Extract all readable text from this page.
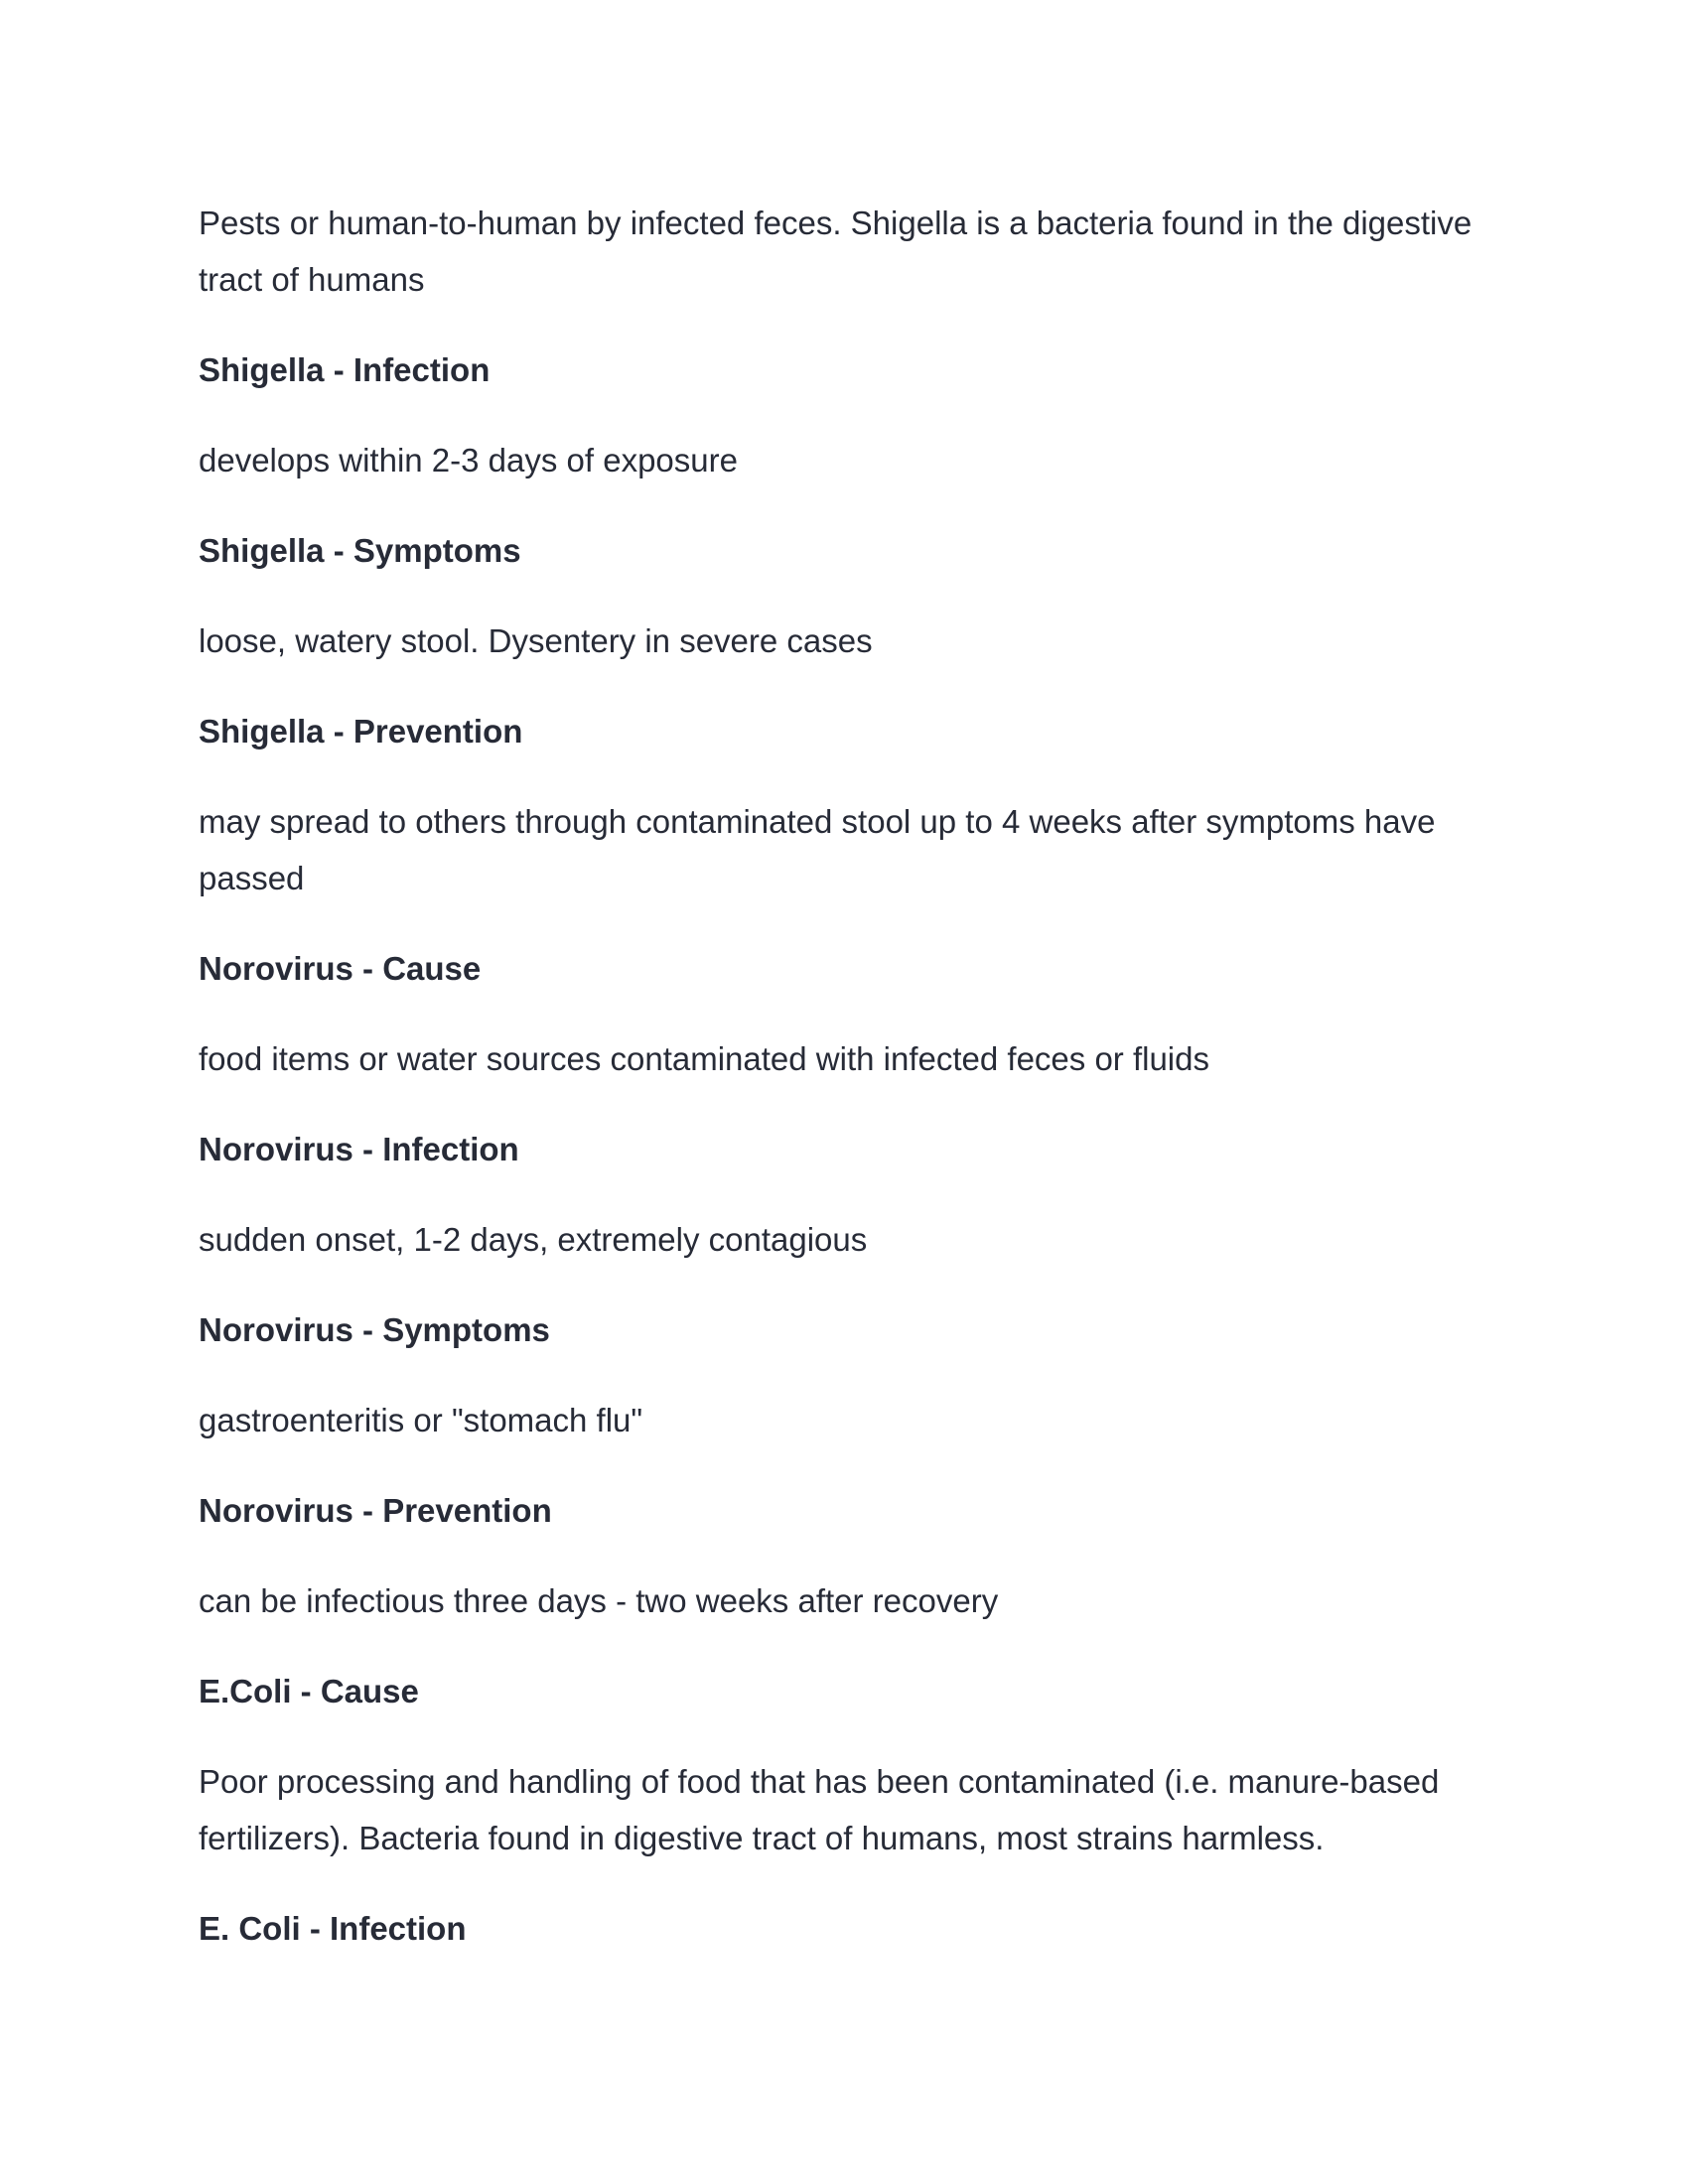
Pests or human-to-human by infected feces. Shigella is a bacteria found in the digestive tract of humans

Shigella - Infection

develops within 2-3 days of exposure

Shigella - Symptoms

loose, watery stool. Dysentery in severe cases

Shigella - Prevention

may spread to others through contaminated stool up to 4 weeks after symptoms have passed

Norovirus - Cause

food items or water sources contaminated with infected feces or fluids

Norovirus - Infection

sudden onset, 1-2 days, extremely contagious

Norovirus - Symptoms

gastroenteritis or "stomach flu"

Norovirus - Prevention

can be infectious three days - two weeks after recovery

E.Coli - Cause

Poor processing and handling of food that has been contaminated (i.e. manure-based fertilizers). Bacteria found in digestive tract of humans, most strains harmless.

E. Coli - Infection
